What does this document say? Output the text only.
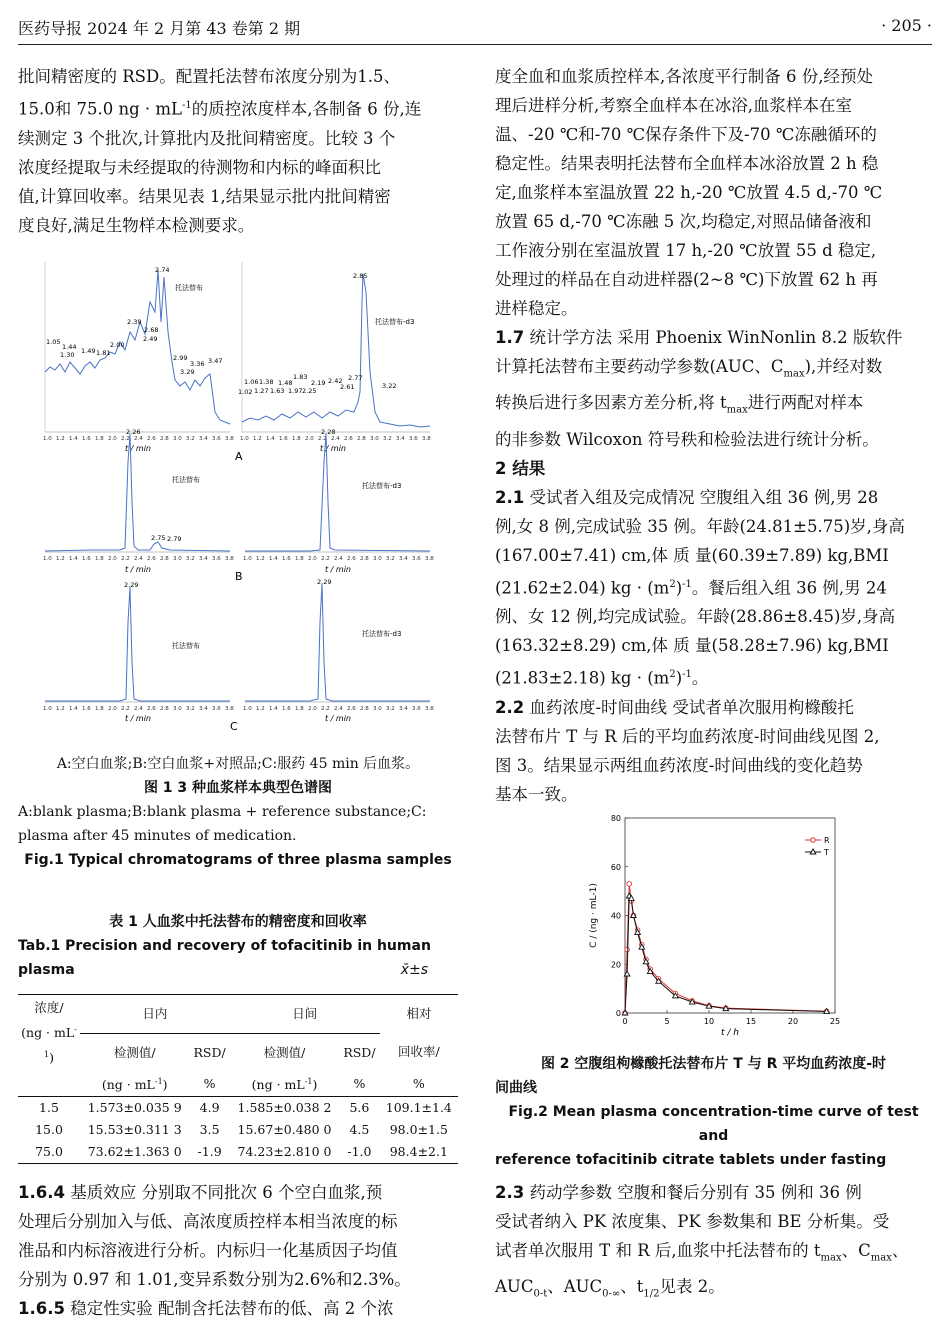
医药导报 2024 年 2 月第 43 卷第 2 期	· 205 ·
批间精密度的 RSD。配置托法替布浓度分别为1.5、
15.0和 75.0 ng · $mL^{-1}$的质控浓度样本,各制备 6 份,连
续测定 3 个批次,计算批内及批间精密度。比较 3 个
浓度经提取与未经提取的待测物和内标的峰面积比
值,计算回收率。结果见表 1,结果显示批内批间精密
度良好,满足生物样本检测要求。
1.05
1.44
1.30 1.49 1.81
2.00
2.39
2.68
2.49
2.74
2.99
3.36
3.29
3.47
托法替布
1.0 1.2 1.4 1.6 1.8 2.0 2.2 2.4 2.6 2.8 3.0 3.2 3.4 3.6 3.8
t / min
1.06
1.02
1.38
1.27
1.48
1.63
1.83
1.97
2.19
2.25
2.42
2.61
2.77
2.85
3.22
托法替布-d3
1.0 1.2 1.4 1.6 1.8 2.0 2.2 2.4 2.6 2.8 3.0 3.2 3.4 3.6 3.8
t / min
A
2.26
2.75 2.79
托法替布
1.0 1.2 1.4 1.6 1.8 2.0 2.2 2.4 2.6 2.8 3.0 3.2 3.4 3.6 3.8
t / min
2.28
托法替布-d3
1.0 1.2 1.4 1.6 1.8 2.0 2.2 2.4 2.6 2.8 3.0 3.2 3.4 3.6 3.8
t / min
B
2.29
托法替布
1.0 1.2 1.4 1.6 1.8 2.0 2.2 2.4 2.6 2.8 3.0 3.2 3.4 3.6 3.8
t / min
2.29
托法替布-d3
1.0 1.2 1.4 1.6 1.8 2.0 2.2 2.4 2.6 2.8 3.0 3.2 3.4 3.6 3.8
t / min
C
A:空白血浆;B:空白血浆+对照品;C:服药 45 min 后血浆。
图 1 3 种血浆样本典型色谱图
A:blank plasma;B:blank plasma + reference substance;C:
plasma after 45 minutes of medication.
Fig.1 Typical chromatograms of three plasma samples
表 1 人血浆中托法替布的精密度和回收率
Tab.1 Precision and recovery of tofacitinib in human
plasma	x̄±s
浓度/
$(ng \cdot mL^{-1})$	日内		日间		相对
	检测值/	RSD/	检测值/	RSD/	回收率/
	$(ng \cdot mL^{-1})$	%	$(ng \cdot mL^{-1})$	%	%
1.5	1.573±0.035 9	4.9	1.585±0.038 2	5.6	109.1±1.4
15.0	15.53±0.311 3	3.5	15.67±0.480 0	4.5	98.0±1.5
75.0	73.62±1.363 0	-1.9	74.23±2.810 0	-1.0	98.4±2.1
1.6.4 基质效应 分别取不同批次 6 个空白血浆,预
处理后分别加入与低、高浓度质控样本相当浓度的标
准品和内标溶液进行分析。内标归一化基质因子均值
分别为 0.97 和 1.01,变异系数分别为2.6%和2.3%。
1.6.5 稳定性实验 配制含托法替布的低、高 2 个浓
度全血和血浆质控样本,各浓度平行制备 6 份,经预处
理后进样分析,考察全血样本在冰浴,血浆样本在室
温、-20 ℃和-70 ℃保存条件下及-70 ℃冻融循环的
稳定性。结果表明托法替布全血样本冰浴放置 2 h 稳
定,血浆样本室温放置 22 h,-20 ℃放置 4.5 d,-70 ℃
放置 65 d,-70 ℃冻融 5 次,均稳定,对照品储备液和
工作液分别在室温放置 17 h,-20 ℃放置 55 d 稳定,
处理过的样品在自动进样器(2~8 ℃)下放置 62 h 再
进样稳定。
1.7 统计学方法 采用 Phoenix WinNonlin 8.2 版软件
计算托法替布主要药动学参数(AUC、$C_{max}$),并经对数
转换后进行多因素方差分析,将 $t_{max}$进行两配对样本
的非参数 Wilcoxon 符号秩和检验法进行统计分析。
2 结果
2.1 受试者入组及完成情况 空腹组入组 36 例,男 28
例,女 8 例,完成试验 35 例。年龄(24.81±5.75)岁,身高
(167.00±7.41) cm,体 质 量(60.39±7.89) kg,BMI
(21.62±2.04) kg · $(m^2)^{-1}$。餐后组入组 36 例,男 24
例、女 12 例,均完成试验。年龄(28.86±8.45)岁,身高
(163.32±8.29) cm,体 质 量(58.28±7.96) kg,BMI
(21.83±2.18) kg · $(m^2)^{-1}$。
2.2 血药浓度-时间曲线 受试者单次服用枸橼酸托
法替布片 T 与 R 后的平均血药浓度-时间曲线见图 2,
图 3。结果显示两组血药浓度-时间曲线的变化趋势
基本一致。
0	5	10	15	20	25
0
20
40
60
80
t / h
C / (ng · mL-1)
R
T
图 2 空腹组枸橼酸托法替布片 T 与 R 平均血药浓度-时
间曲线
Fig.2 Mean plasma concentration-time curve of test and
reference tofacitinib citrate tablets under fasting
2.3 药动学参数 空腹和餐后分别有 35 例和 36 例
受试者纳入 PK 浓度集、PK 参数集和 BE 分析集。受
试者单次服用 T 和 R 后,血浆中托法替布的 $t_{max}$、$C_{max}$、
$AUC_{0-t}$、$AUC_{0-\infty}$、$t_{1/2}$见表 2。
